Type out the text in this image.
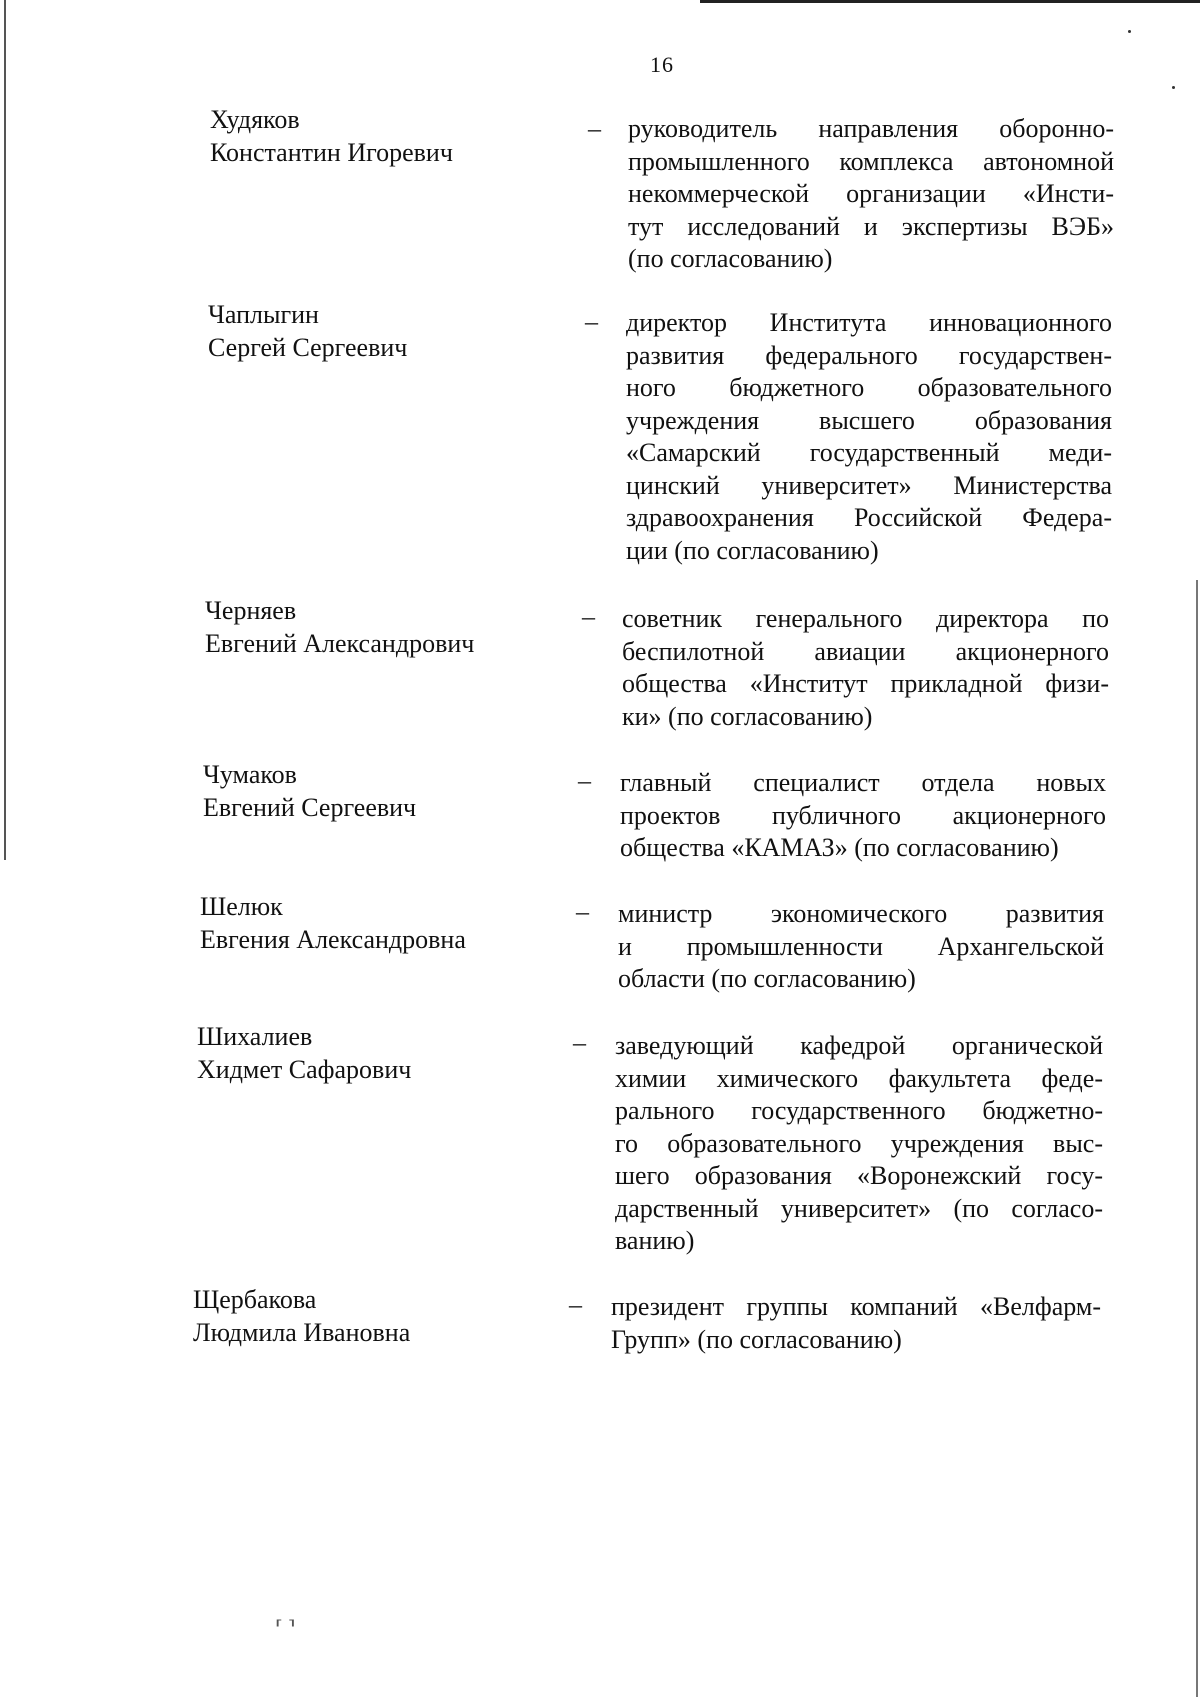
16
Худяков
Константин Игоревич
– руководитель направления оборонно-
промышленного комплекса автономной
некоммерческой организации «Инсти-
тут исследований и экспертизы ВЭБ»
(по согласованию)
Чаплыгин
Сергей Сергеевич
– директор Института инновационного
развития федерального государствен-
ного бюджетного образовательного
учреждения высшего образования
«Самарский государственный меди-
цинский университет» Министерства
здравоохранения Российской Федера-
ции (по согласованию)
Черняев
Евгений Александрович
– советник генерального директора по
беспилотной авиации акционерного
общества «Институт прикладной физи-
ки» (по согласованию)
Чумаков
Евгений Сергеевич
– главный специалист отдела новых
проектов публичного акционерного
общества «КАМАЗ» (по согласованию)
Шелюк
Евгения Александровна
– министр экономического развития
и промышленности Архангельской
области (по согласованию)
Шихалиев
Хидмет Сафарович
– заведующий кафедрой органической
химии химического факультета феде-
рального государственного бюджетно-
го образовательного учреждения выс-
шего образования «Воронежский госу-
дарственный университет» (по согласо-
ванию)
Щербакова
Людмила Ивановна
– президент группы компаний «Велфарм-
Групп» (по согласованию)
⸢ ⸣
